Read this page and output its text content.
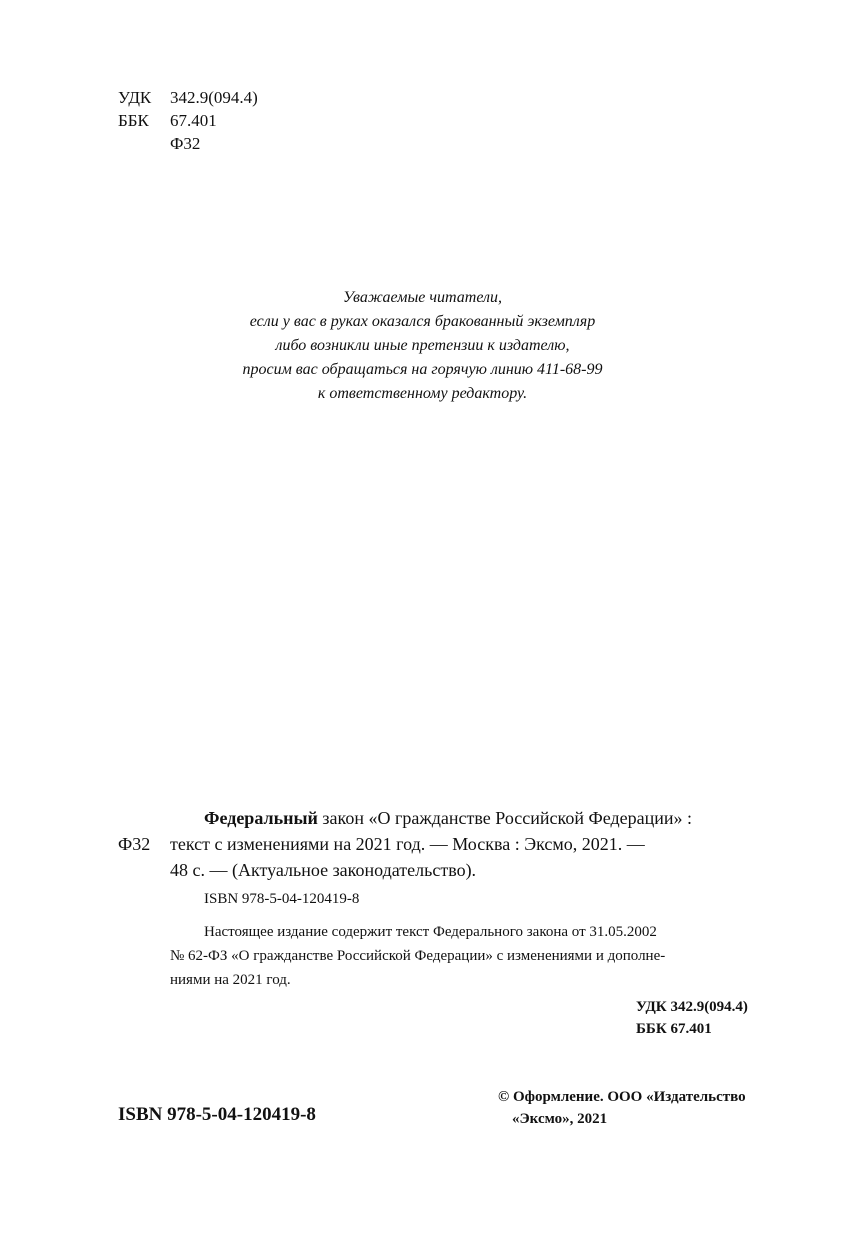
УДК	342.9(094.4)
ББК	67.401
Ф32
Уважаемые читатели,
если у вас в руках оказался бракованный экземпляр
либо возникли иные претензии к издателю,
просим вас обращаться на горячую линию 411-68-99
к ответственному редактору.
Ф32

Федеральный закон «О гражданстве Российской Федерации» :

текст с изменениями на 2021 год. — Москва : Эксмо, 2021. —

48 с. — (Актуальное законодательство).

ISBN 978-5-04-120419-8
Настоящее издание содержит текст Федерального закона от 31.05.2002
№ 62-ФЗ «О гражданстве Российской Федерации» с изменениями и дополне-
ниями на 2021 год.
УДК 342.9(094.4)
ББК 67.401
ISBN 978-5-04-120419-8
© Оформление. ООО «Издательство
«Эксмо», 2021
